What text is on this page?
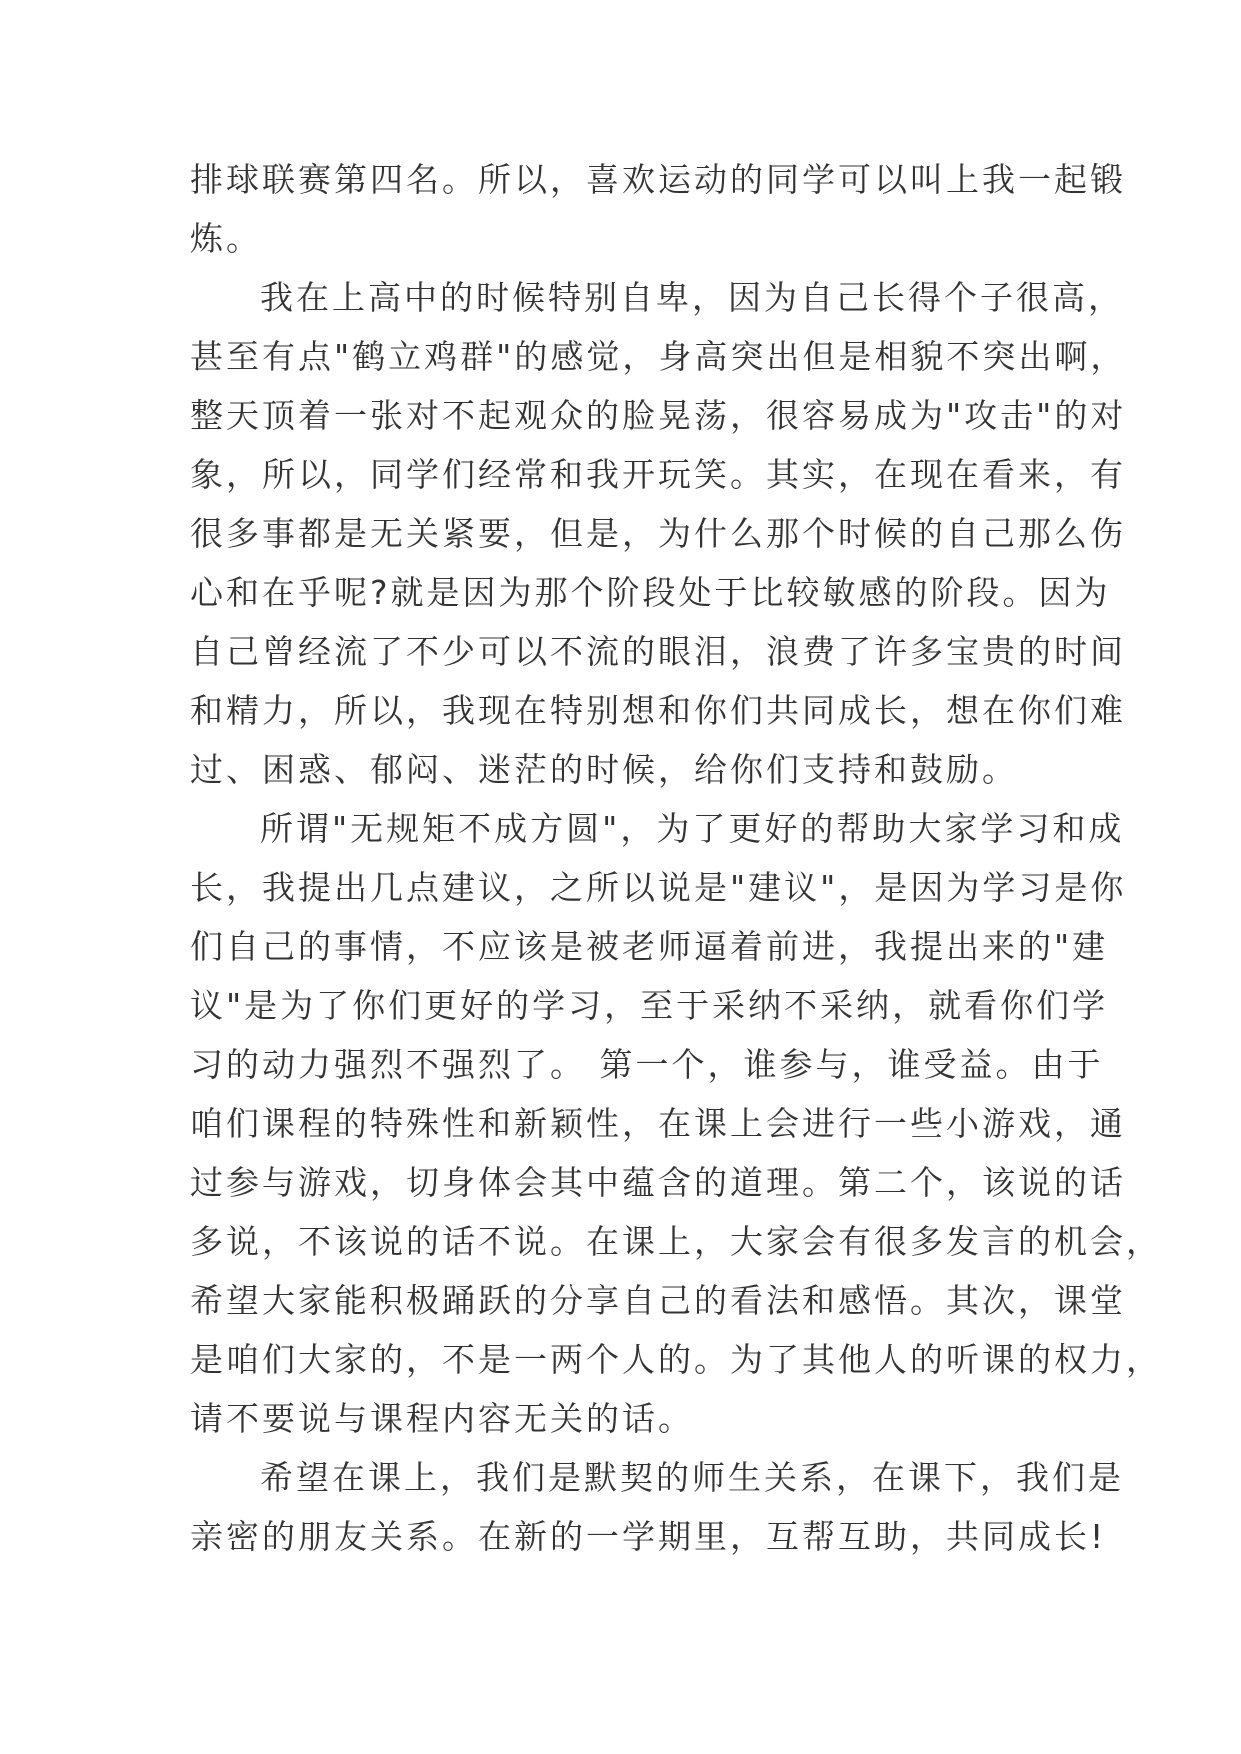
排球联赛第四名。所以，喜欢运动的同学可以叫上我一起锻
炼。
我在上高中的时候特别自卑，因为自己长得个子很高，
甚至有点"鹤立鸡群"的感觉，身高突出但是相貌不突出啊，
整天顶着一张对不起观众的脸晃荡，很容易成为"攻击"的对
象，所以，同学们经常和我开玩笑。其实，在现在看来，有
很多事都是无关紧要，但是，为什么那个时候的自己那么伤
心和在乎呢?就是因为那个阶段处于比较敏感的阶段。因为
自己曾经流了不少可以不流的眼泪，浪费了许多宝贵的时间
和精力，所以，我现在特别想和你们共同成长，想在你们难
过、困惑、郁闷、迷茫的时候，给你们支持和鼓励。
所谓"无规矩不成方圆"，为了更好的帮助大家学习和成
长，我提出几点建议，之所以说是"建议"，是因为学习是你
们自己的事情，不应该是被老师逼着前进，我提出来的"建
议"是为了你们更好的学习，至于采纳不采纳，就看你们学
习的动力强烈不强烈了。 第一个，谁参与，谁受益。由于
咱们课程的特殊性和新颖性，在课上会进行一些小游戏，通
过参与游戏，切身体会其中蕴含的道理。第二个，该说的话
多说，不该说的话不说。在课上，大家会有很多发言的机会，
希望大家能积极踊跃的分享自己的看法和感悟。其次，课堂
是咱们大家的，不是一两个人的。为了其他人的听课的权力，
请不要说与课程内容无关的话。
希望在课上，我们是默契的师生关系，在课下，我们是
亲密的朋友关系。在新的一学期里，互帮互助，共同成长!
